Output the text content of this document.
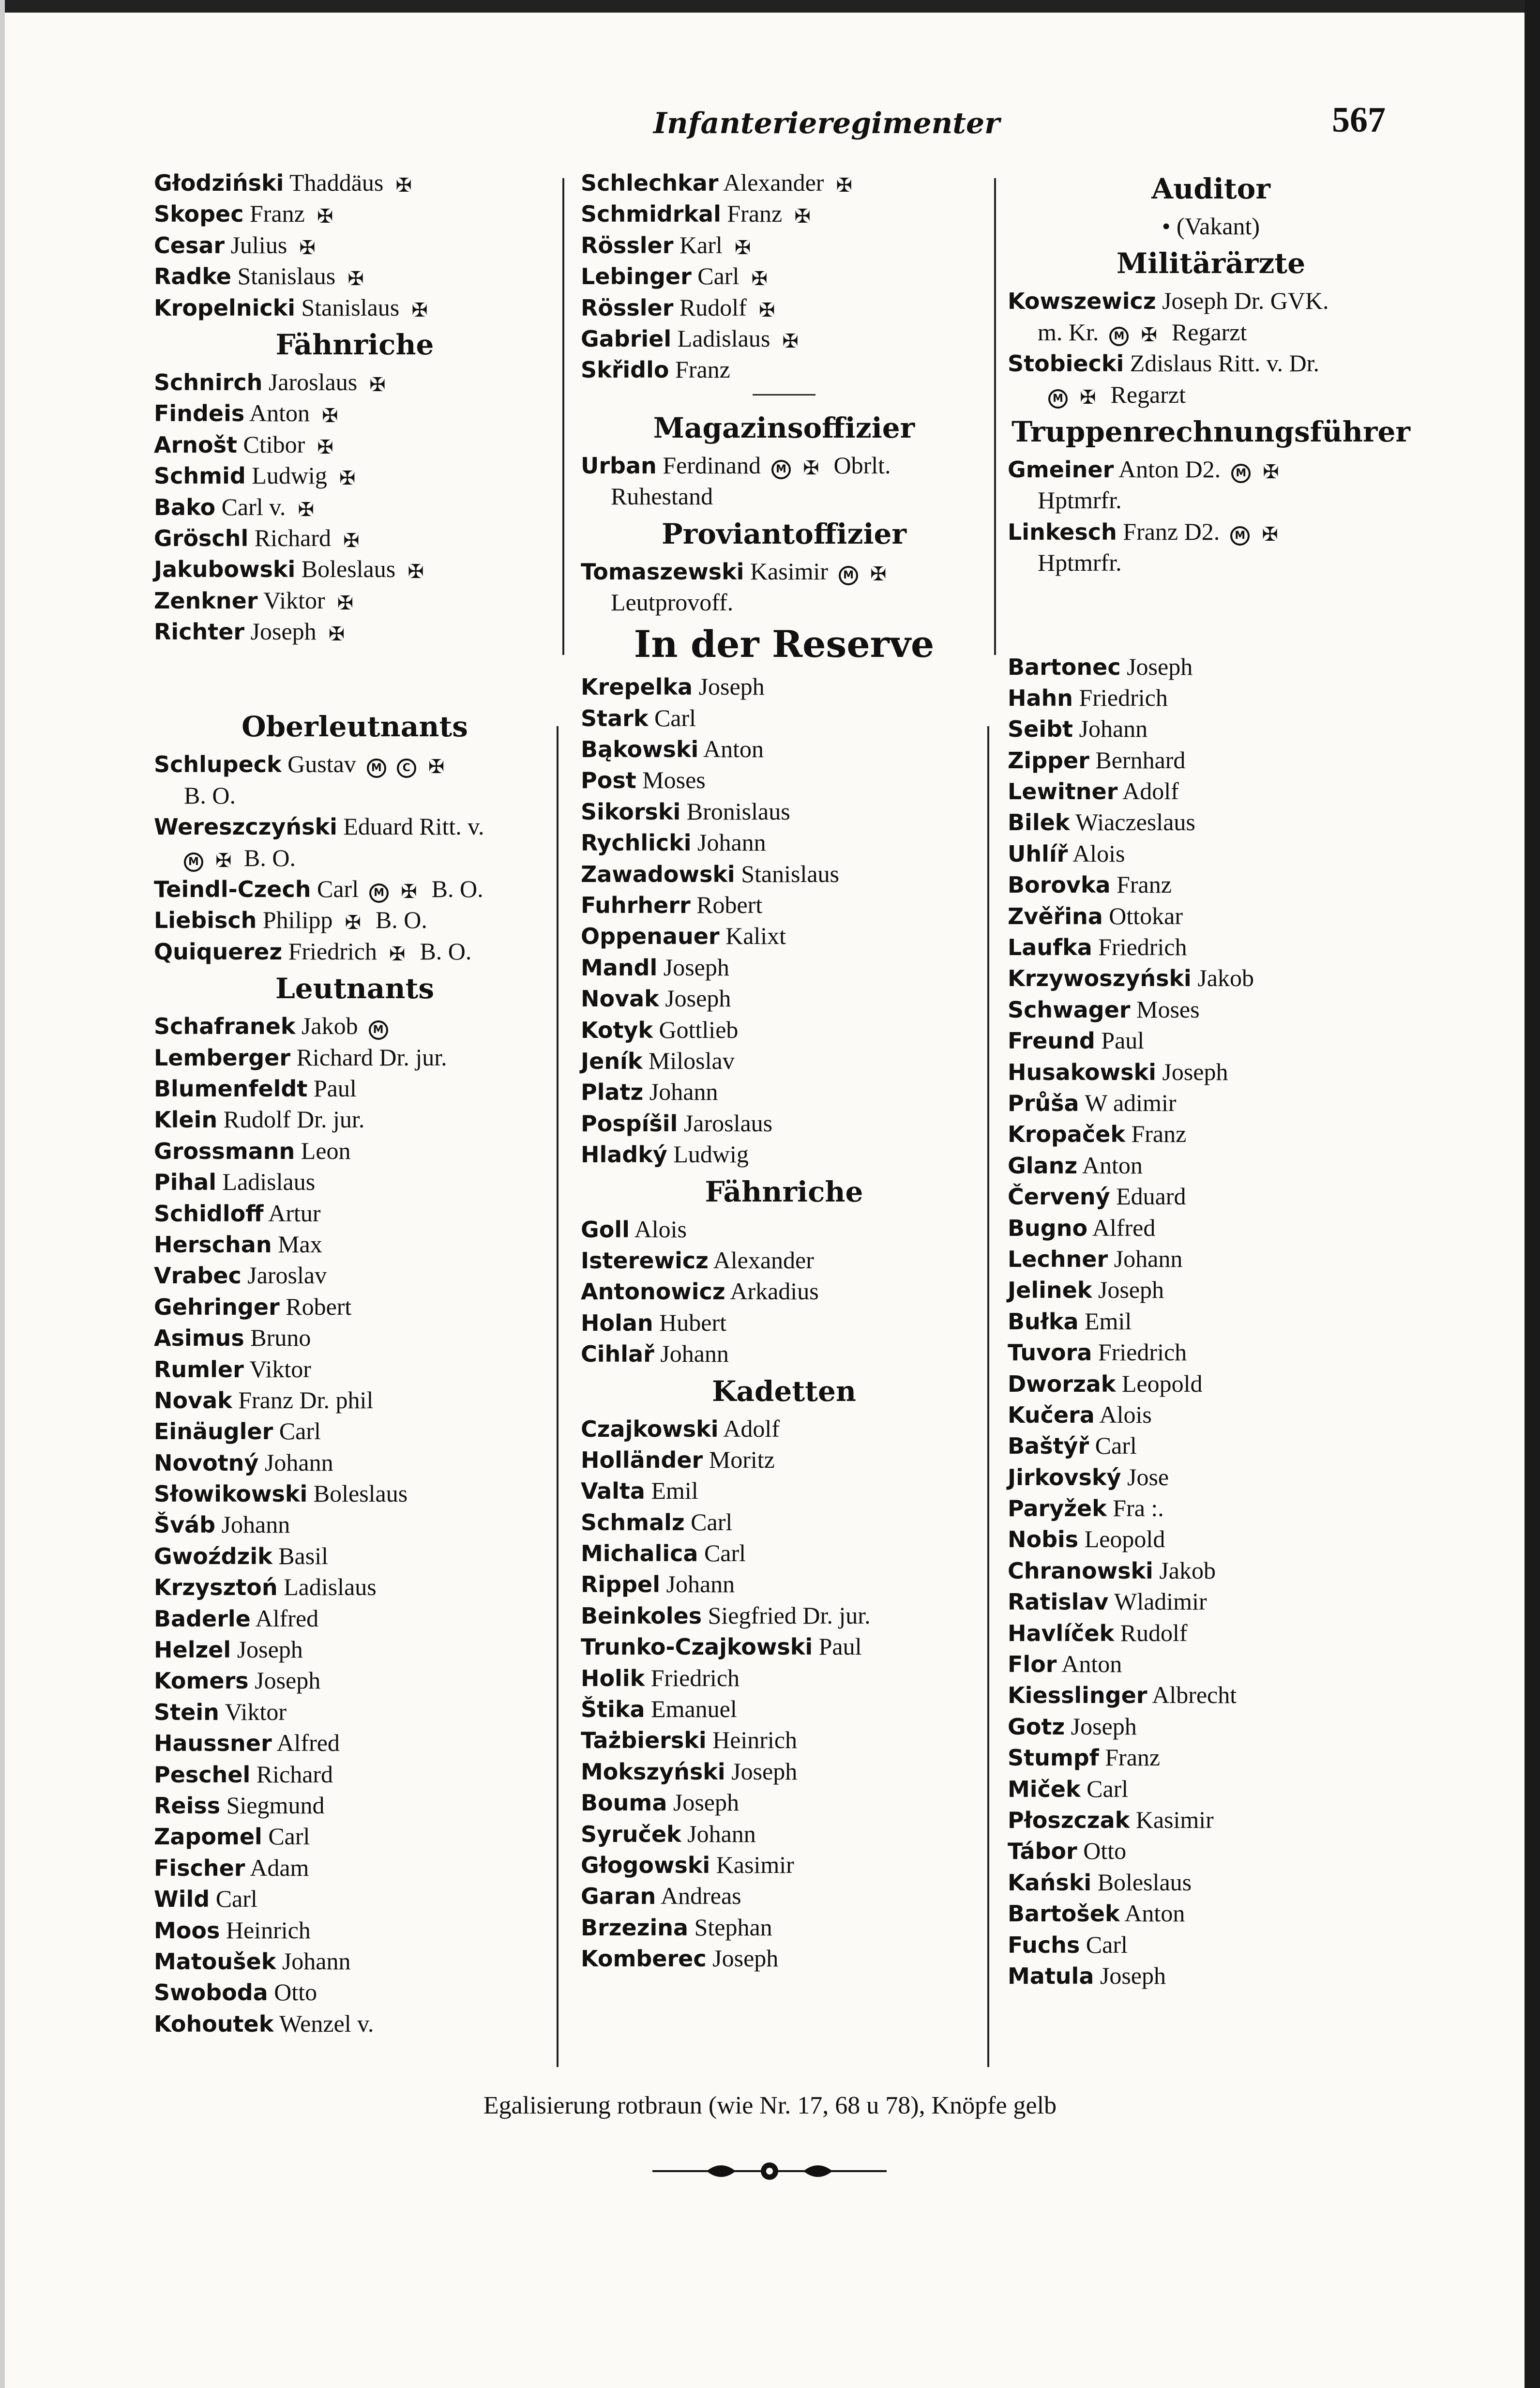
Infanterieregimenter	567
Głodziński Thaddäus ✠
Skopec Franz ✠
Cesar Julius ✠
Radke Stanislaus ✠
Kropelnicki Stanislaus ✠
Fähnriche
Schnirch Jaroslaus ✠
Findeis Anton ✠
Arnošt Ctibor ✠
Schmid Ludwig ✠
Bako Carl v. ✠
Gröschl Richard ✠
Jakubowski Boleslaus ✠
Zenkner Viktor ✠
Richter Joseph ✠
Oberleutnants
Schlupeck Gustav M C ✠
B. O.
Wereszczyński Eduard Ritt. v.
M ✠ B. O.
Teindl-Czech Carl M ✠ B. O.
Liebisch Philipp ✠ B. O.
Quiquerez Friedrich ✠ B. O.
Leutnants
Schafranek Jakob M
Lemberger Richard Dr. jur.
Blumenfeldt Paul
Klein Rudolf Dr. jur.
Grossmann Leon
Pihal Ladislaus
Schidloff Artur
Herschan Max
Vrabec Jaroslav
Gehringer Robert
Asimus Bruno
Rumler Viktor
Novak Franz Dr. phil
Einäugler Carl
Novotný Johann
Słowikowski Boleslaus
Šváb Johann
Gwoździk Basil
Krzysztoń Ladislaus
Baderle Alfred
Helzel Joseph
Komers Joseph
Stein Viktor
Haussner Alfred
Peschel Richard
Reiss Siegmund
Zapomel Carl
Fischer Adam
Wild Carl
Moos Heinrich
Matoušek Johann
Swoboda Otto
Kohoutek Wenzel v.
Schlechkar Alexander ✠
Schmidrkal Franz ✠
Rössler Karl ✠
Lebinger Carl ✠
Rössler Rudolf ✠
Gabriel Ladislaus ✠
Skřidlo Franz
Magazinsoffizier
Urban Ferdinand M ✠ Obrlt.
Ruhestand
Proviantoffizier
Tomaszewski Kasimir M ✠
Leutprovoff.
In der Reserve
Krepelka Joseph
Stark Carl
Bąkowski Anton
Post Moses
Sikorski Bronislaus
Rychlicki Johann
Zawadowski Stanislaus
Fuhrherr Robert
Oppenauer Kalixt
Mandl Joseph
Novak Joseph
Kotyk Gottlieb
Jeník Miloslav
Platz Johann
Pospíšil Jaroslaus
Hladký Ludwig
Fähnriche
Goll Alois
Isterewicz Alexander
Antonowicz Arkadius
Holan Hubert
Cihlař Johann
Kadetten
Czajkowski Adolf
Holländer Moritz
Valta Emil
Schmalz Carl
Michalica Carl
Rippel Johann
Beinkoles Siegfried Dr. jur.
Trunko-Czajkowski Paul
Holik Friedrich
Štika Emanuel
Tażbierski Heinrich
Mokszyński Joseph
Bouma Joseph
Syruček Johann
Głogowski Kasimir
Garan Andreas
Brzezina Stephan
Komberec Joseph
Auditor
• (Vakant)
Militärärzte
Kowszewicz Joseph Dr. GVK.
m. Kr. M ✠ Regarzt
Stobiecki Zdislaus Ritt. v. Dr.
M ✠ Regarzt
Truppenrechnungsführer
Gmeiner Anton D2. M ✠
Hptmrfr.
Linkesch Franz D2. M ✠
Hptmrfr.
Bartonec Joseph
Hahn Friedrich
Seibt Johann
Zipper Bernhard
Lewitner Adolf
Bilek Wiaczeslaus
Uhlíř Alois
Borovka Franz
Zvěřina Ottokar
Laufka Friedrich
Krzywoszyński Jakob
Schwager Moses
Freund Paul
Husakowski Joseph
Průša W adimir
Kropaček Franz
Glanz Anton
Červený Eduard
Bugno Alfred
Lechner Johann
Jelinek Joseph
Bułka Emil
Tuvora Friedrich
Dworzak Leopold
Kučera Alois
Baštýř Carl
Jirkovský Jose
Paryžek Fra :.
Nobis Leopold
Chranowski Jakob
Ratislav Wladimir
Havlíček Rudolf
Flor Anton
Kiesslinger Albrecht
Gotz Joseph
Stumpf Franz
Miček Carl
Płoszczak Kasimir
Tábor Otto
Kański Boleslaus
Bartošek Anton
Fuchs Carl
Matula Joseph
Egalisierung rotbraun (wie Nr. 17, 68 u 78), Knöpfe gelb
